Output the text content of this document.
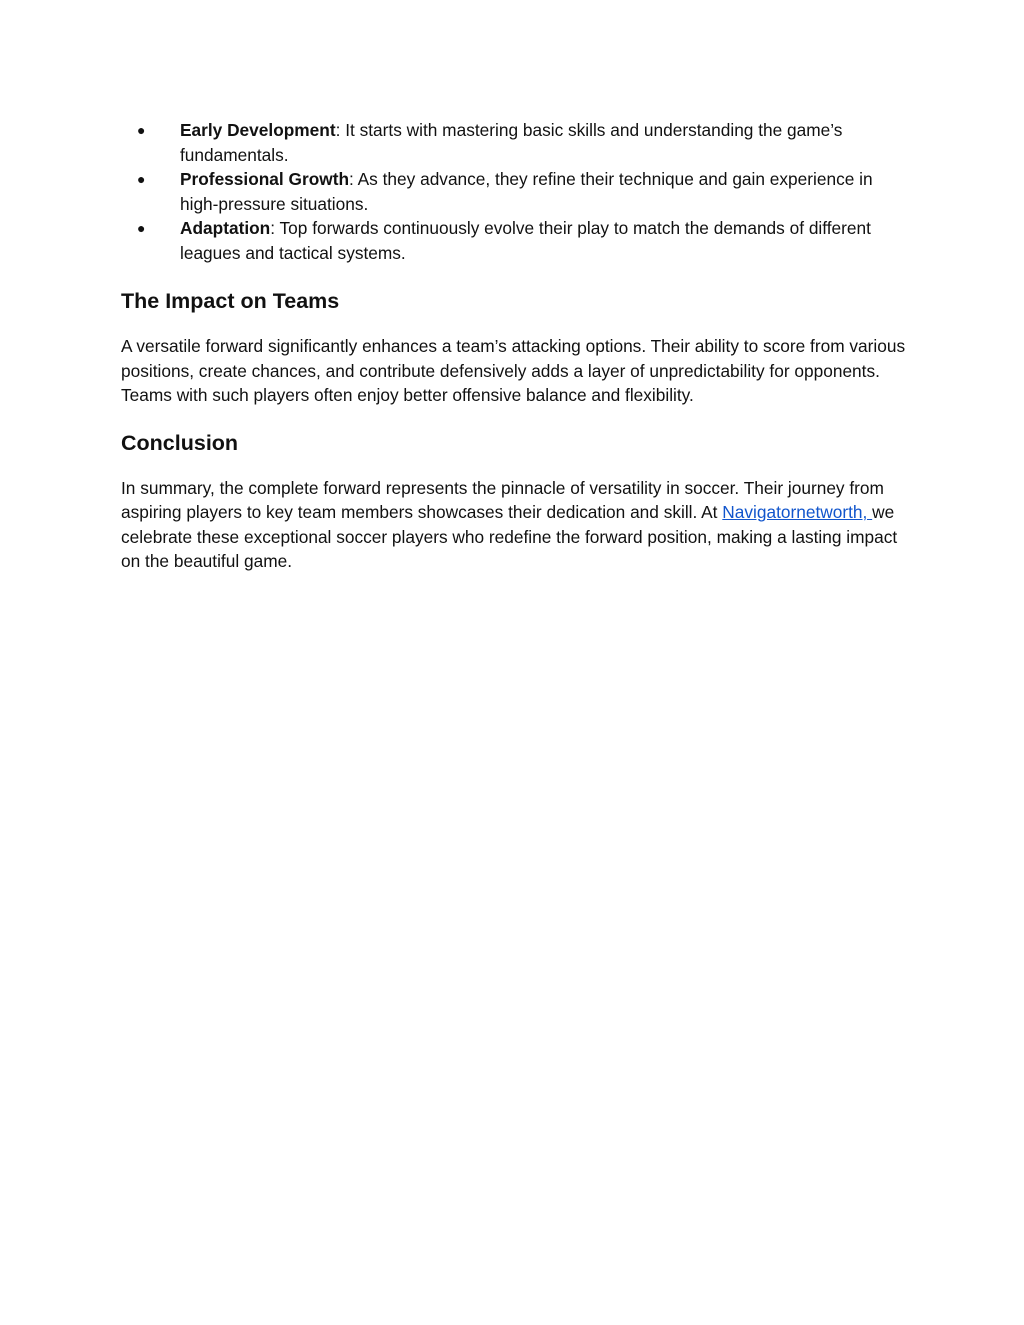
● Early Development: It starts with mastering basic skills and understanding the game’s fundamentals.
● Professional Growth: As they advance, they refine their technique and gain experience in high-pressure situations.
● Adaptation: Top forwards continuously evolve their play to match the demands of different leagues and tactical systems.
The Impact on Teams

A versatile forward significantly enhances a team’s attacking options. Their ability to score from various positions, create chances, and contribute defensively adds a layer of unpredictability for opponents. Teams with such players often enjoy better offensive balance and flexibility.

Conclusion

In summary, the complete forward represents the pinnacle of versatility in soccer. Their journey from aspiring players to key team members showcases their dedication and skill. At Navigatornetworth, we celebrate these exceptional soccer players who redefine the forward position, making a lasting impact on the beautiful game.
